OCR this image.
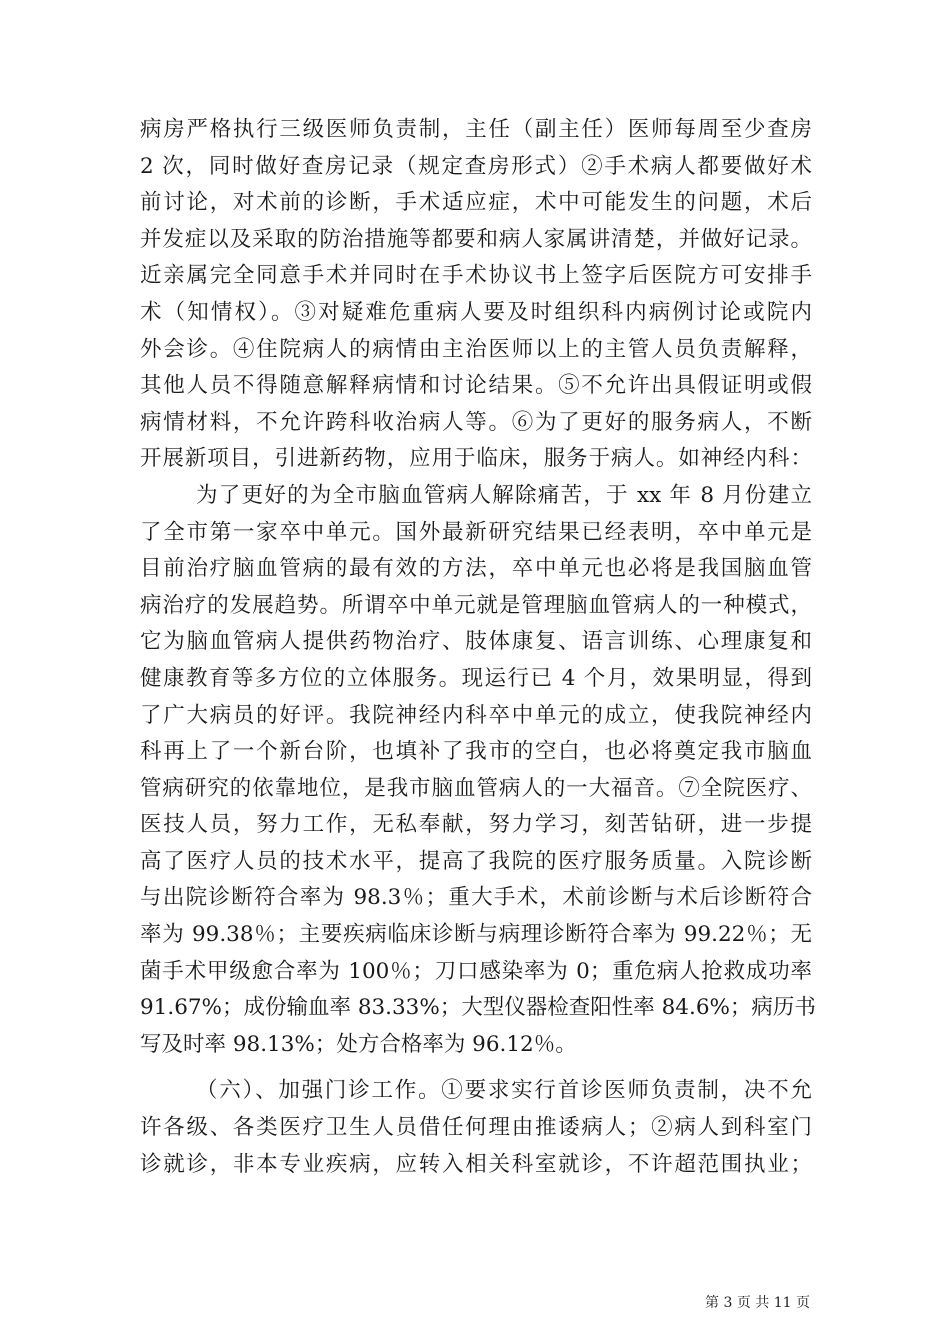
病房严格执行三级医师负责制，主任（副主任）医师每周至少查房
2 次，同时做好查房记录（规定查房形式）②手术病人都要做好术
前讨论，对术前的诊断，手术适应症，术中可能发生的问题，术后
并发症以及采取的防治措施等都要和病人家属讲清楚，并做好记录。
近亲属完全同意手术并同时在手术协议书上签字后医院方可安排手
术（知情权）。③对疑难危重病人要及时组织科内病例讨论或院内
外会诊。④住院病人的病情由主治医师以上的主管人员负责解释，
其他人员不得随意解释病情和讨论结果。⑤不允许出具假证明或假
病情材料，不允许跨科收治病人等。⑥为了更好的服务病人，不断
开展新项目，引进新药物，应用于临床，服务于病人。如神经内科：
为了更好的为全市脑血管病人解除痛苦，于 xx 年 8 月份建立
了全市第一家卒中单元。国外最新研究结果已经表明，卒中单元是
目前治疗脑血管病的最有效的方法，卒中单元也必将是我国脑血管
病治疗的发展趋势。所谓卒中单元就是管理脑血管病人的一种模式，
它为脑血管病人提供药物治疗、肢体康复、语言训练、心理康复和
健康教育等多方位的立体服务。现运行已 4 个月，效果明显，得到
了广大病员的好评。我院神经内科卒中单元的成立，使我院神经内
科再上了一个新台阶，也填补了我市的空白，也必将奠定我市脑血
管病研究的依靠地位，是我市脑血管病人的一大福音。⑦全院医疗、
医技人员，努力工作，无私奉献，努力学习，刻苦钻研，进一步提
高了医疗人员的技术水平，提高了我院的医疗服务质量。入院诊断
与出院诊断符合率为 98.3％；重大手术，术前诊断与术后诊断符合
率为 99.38％；主要疾病临床诊断与病理诊断符合率为 99.22％；无
菌手术甲级愈合率为 100％；刀口感染率为 0；重危病人抢救成功率
91.67%；成份输血率 83.33%；大型仪器检查阳性率 84.6%；病历书
写及时率 98.13%；处方合格率为 96.12％。
（六）、加强门诊工作。①要求实行首诊医师负责制，决不允
许各级、各类医疗卫生人员借任何理由推诿病人；②病人到科室门
诊就诊，非本专业疾病，应转入相关科室就诊，不许超范围执业；
第 3 页 共 11 页
